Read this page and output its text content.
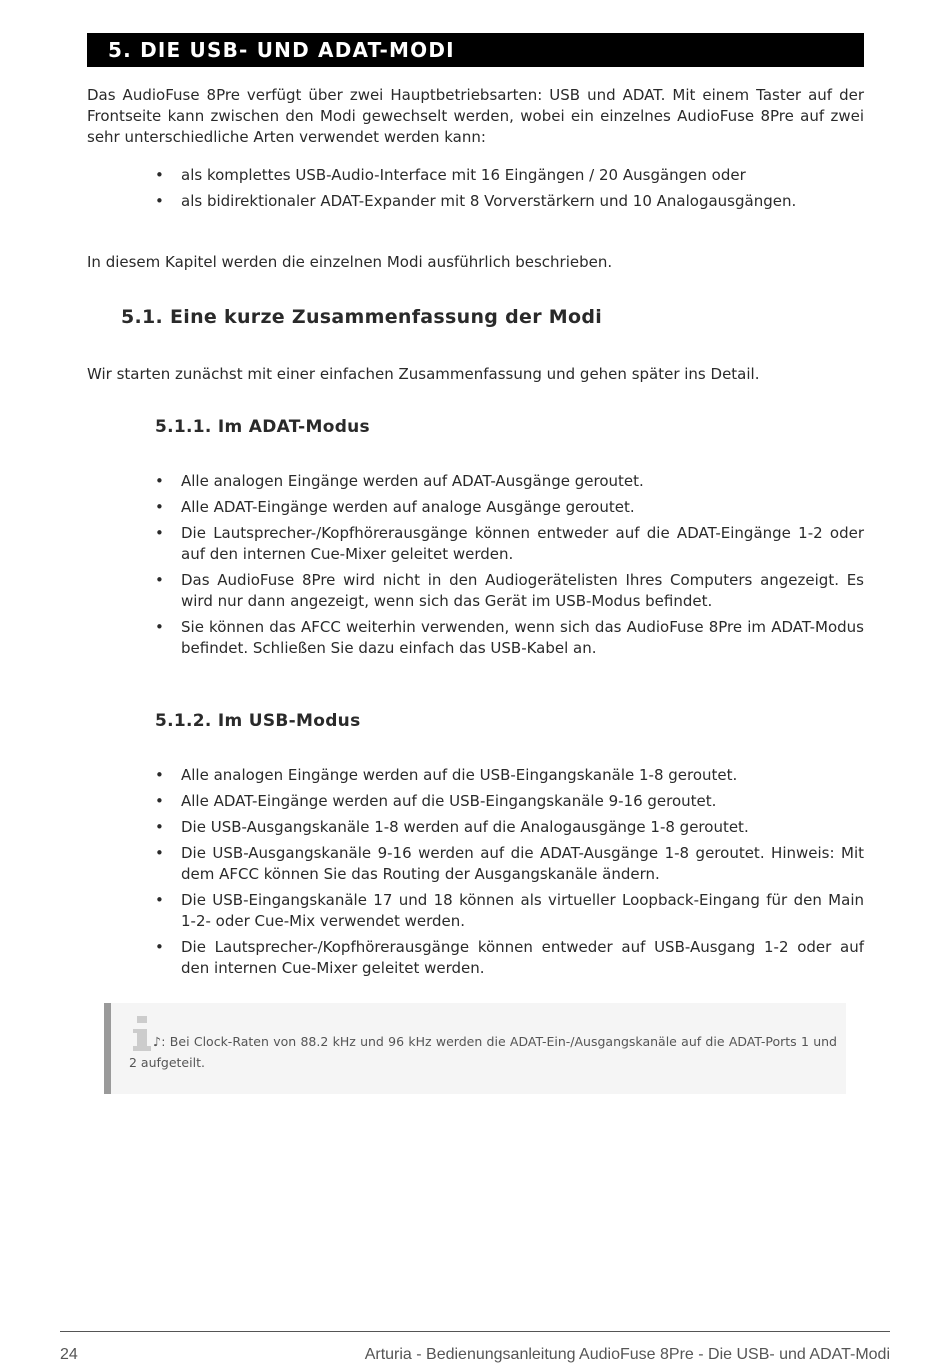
5. DIE USB- UND ADAT-MODI

Das AudioFuse 8Pre verfügt über zwei Hauptbetriebsarten: USB und ADAT. Mit einem Taster auf der Frontseite kann zwischen den Modi gewechselt werden, wobei ein einzelnes AudioFuse 8Pre auf zwei sehr unterschiedliche Arten verwendet werden kann:

• als komplettes USB-Audio-Interface mit 16 Eingängen / 20 Ausgängen oder
• als bidirektionaler ADAT-Expander mit 8 Vorverstärkern und 10 Analogausgängen.

In diesem Kapitel werden die einzelnen Modi ausführlich beschrieben.

5.1. Eine kurze Zusammenfassung der Modi

Wir starten zunächst mit einer einfachen Zusammenfassung und gehen später ins Detail.

5.1.1. Im ADAT-Modus
• Alle analogen Eingänge werden auf ADAT-Ausgänge geroutet.
• Alle ADAT-Eingänge werden auf analoge Ausgänge geroutet.
• Die Lautsprecher-/Kopfhörerausgänge können entweder auf die ADAT-Eingänge 1-2 oder auf den internen Cue-Mixer geleitet werden.
• Das AudioFuse 8Pre wird nicht in den Audiogerätelisten Ihres Computers angezeigt. Es wird nur dann angezeigt, wenn sich das Gerät im USB-Modus befindet.
• Sie können das AFCC weiterhin verwenden, wenn sich das AudioFuse 8Pre im ADAT-Modus befindet. Schließen Sie dazu einfach das USB-Kabel an.
5.1.2. Im USB-Modus
• Alle analogen Eingänge werden auf die USB-Eingangskanäle 1-8 geroutet.
• Alle ADAT-Eingänge werden auf die USB-Eingangskanäle 9-16 geroutet.
• Die USB-Ausgangskanäle 1-8 werden auf die Analogausgänge 1-8 geroutet.
• Die USB-Ausgangskanäle 9-16 werden auf die ADAT-Ausgänge 1-8 geroutet. Hinweis: Mit dem AFCC können Sie das Routing der Ausgangskanäle ändern.
• Die USB-Eingangskanäle 17 und 18 können als virtueller Loopback-Eingang für den Main 1-2- oder Cue-Mix verwendet werden.
• Die Lautsprecher-/Kopfhörerausgänge können entweder auf USB-Ausgang 1-2 oder auf den internen Cue-Mixer geleitet werden.

♪: Bei Clock-Raten von 88.2 kHz und 96 kHz werden die ADAT-Ein-/Ausgangskanäle auf die ADAT-Ports 1 und 2 aufgeteilt.

24	Arturia - Bedienungsanleitung AudioFuse 8Pre - Die USB- und ADAT-Modi
